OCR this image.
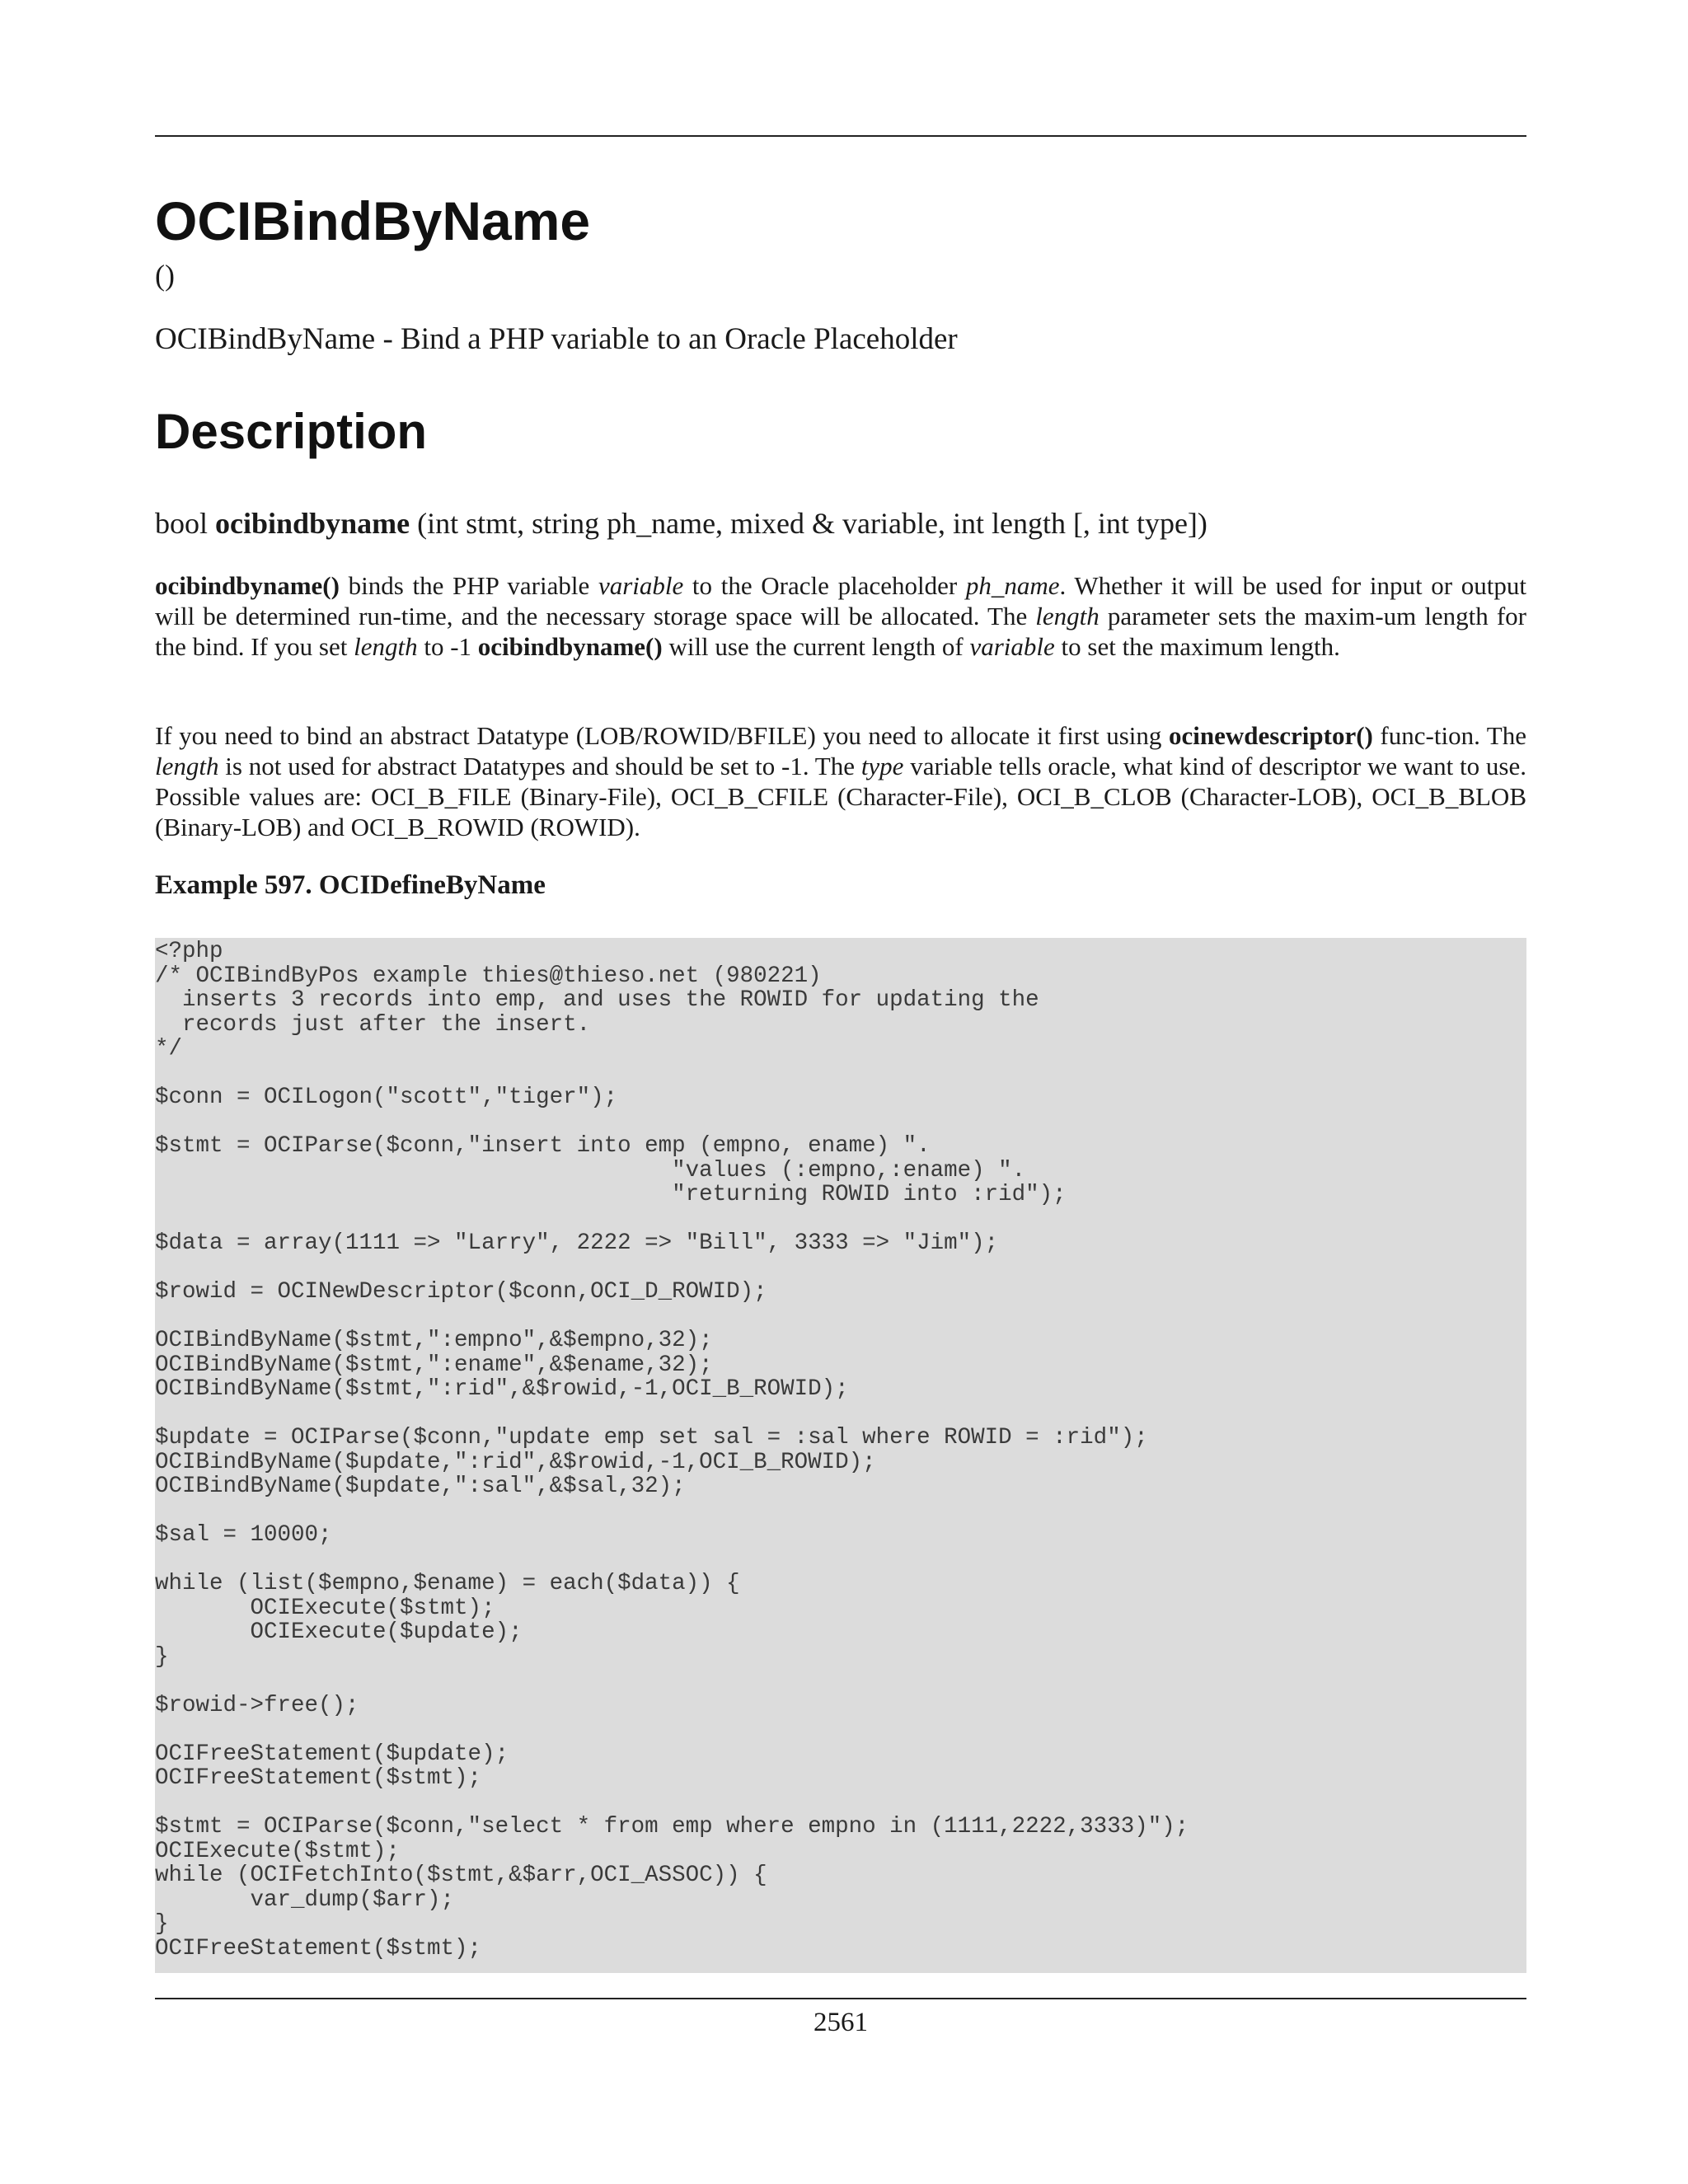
OCIBindByName
()
OCIBindByName - Bind a PHP variable to an Oracle Placeholder
Description
bool ocibindbyname (int stmt, string ph_name, mixed & variable, int length [, int type])

ocibindbyname() binds the PHP variable variable to the Oracle placeholder ph_name. Whether it will be used for input or output will be determined run-time, and the necessary storage space will be allocated. The length parameter sets the maxim-um length for the bind. If you set length to -1 ocibindbyname() will use the current length of variable to set the maximum length.

If you need to bind an abstract Datatype (LOB/ROWID/BFILE) you need to allocate it first using ocinewdescriptor() func-tion. The length is not used for abstract Datatypes and should be set to -1. The type variable tells oracle, what kind of descriptor we want to use. Possible values are: OCI_B_FILE (Binary-File), OCI_B_CFILE (Character-File), OCI_B_CLOB (Character-LOB), OCI_B_BLOB (Binary-LOB) and OCI_B_ROWID (ROWID).

Example 597. OCIDefineByName
<?php
/* OCIBindByPos example thies@thieso.net (980221)
inserts 3 records into emp, and uses the ROWID for updating the
records just after the insert.
*/

$conn = OCILogon("scott","tiger");

$stmt = OCIParse($conn,"insert into emp (empno, ename) ".
"values (:empno,:ename) ".
"returning ROWID into :rid");

$data = array(1111 => "Larry", 2222 => "Bill", 3333 => "Jim");

$rowid = OCINewDescriptor($conn,OCI_D_ROWID);

OCIBindByName($stmt,":empno",&$empno,32);
OCIBindByName($stmt,":ename",&$ename,32);
OCIBindByName($stmt,":rid",&$rowid,-1,OCI_B_ROWID);

$update = OCIParse($conn,"update emp set sal = :sal where ROWID = :rid");
OCIBindByName($update,":rid",&$rowid,-1,OCI_B_ROWID);
OCIBindByName($update,":sal",&$sal,32);

$sal = 10000;

while (list($empno,$ename) = each($data)) {
OCIExecute($stmt);
OCIExecute($update);
}

$rowid->free();

OCIFreeStatement($update);
OCIFreeStatement($stmt);

$stmt = OCIParse($conn,"select * from emp where empno in (1111,2222,3333)");
OCIExecute($stmt);
while (OCIFetchInto($stmt,&$arr,OCI_ASSOC)) {
var_dump($arr);
}
OCIFreeStatement($stmt);
2561
